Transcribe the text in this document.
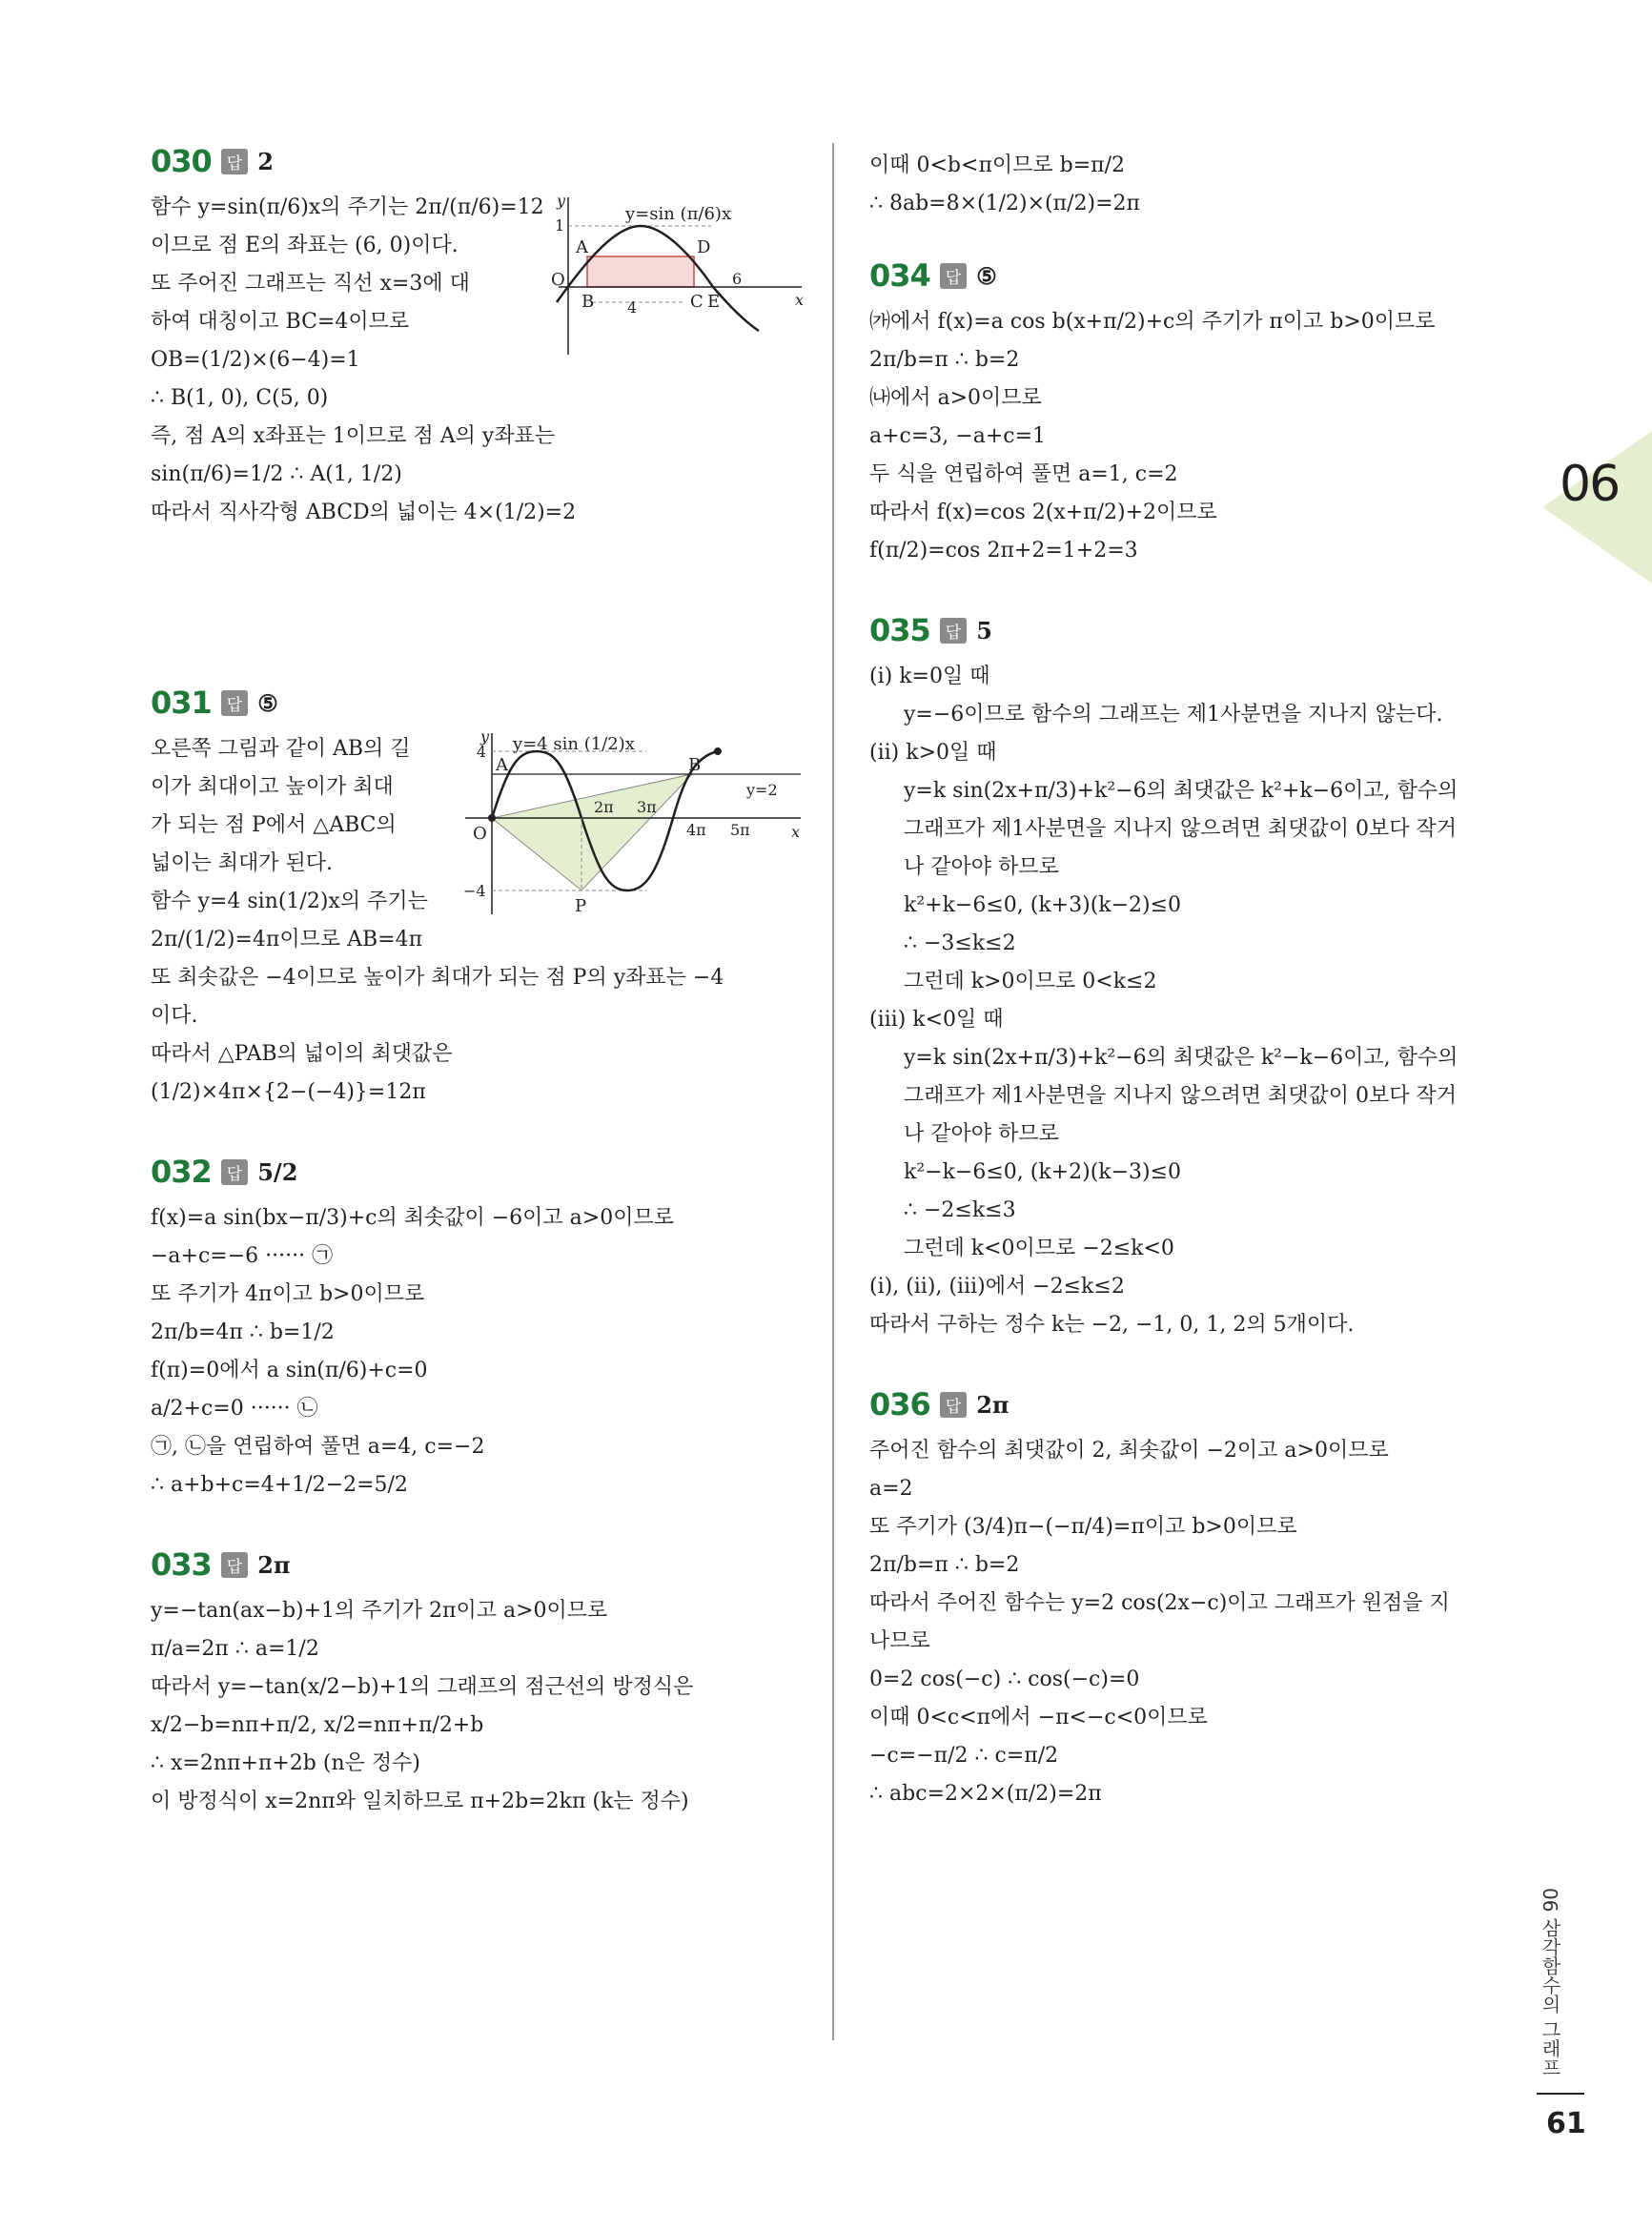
030 답 2
함수 y=sin(π/6)x의 주기는 2π/(π/6)=12
이므로 점 E의 좌표는 (6, 0)이다.
또 주어진 그래프는 직선 x=3에 대
하여 대칭이고 BC=4이므로
OB=(1/2)×(6−4)=1
∴ B(1, 0), C(5, 0)
즉, 점 A의 x좌표는 1이므로 점 A의 y좌표는
sin(π/6)=1/2 ∴ A(1, 1/2)
따라서 직사각형 ABCD의 넓이는 4×(1/2)=2
4
y=sin (π/6)x
y
x
O
1
6
A	D
B	C E
031 답 ⑤
오른쪽 그림과 같이 AB의 길
이가 최대이고 높이가 최대
가 되는 점 P에서 △ABC의
넓이는 최대가 된다.
함수 y=4 sin(1/2)x의 주기는
2π/(1/2)=4π이므로 AB=4π
또 최솟값은 −4이므로 높이가 최대가 되는 점 P의 y좌표는 −4
이다.
따라서 △PAB의 넓이의 최댓값은
(1/2)×4π×{2−(−4)}=12π
y=4 sin (1/2)x
y
x
O
4
−4
y=2
2π 3π
4π 5π
A	B
P
032 답 5/2
f(x)=a sin(bx−π/3)+c의 최솟값이 −6이고 a>0이므로
−a+c=−6 ······ ㉠
또 주기가 4π이고 b>0이므로
2π/b=4π ∴ b=1/2
f(π)=0에서 a sin(π/6)+c=0
a/2+c=0 ······ ㉡
㉠, ㉡을 연립하여 풀면 a=4, c=−2
∴ a+b+c=4+1/2−2=5/2
033 답 2π
y=−tan(ax−b)+1의 주기가 2π이고 a>0이므로
π/a=2π ∴ a=1/2
따라서 y=−tan(x/2−b)+1의 그래프의 점근선의 방정식은
x/2−b=nπ+π/2, x/2=nπ+π/2+b
∴ x=2nπ+π+2b (n은 정수)
이 방정식이 x=2nπ와 일치하므로 π+2b=2kπ (k는 정수)
이때 0<b<π이므로 b=π/2
∴ 8ab=8×(1/2)×(π/2)=2π
034 답 ⑤
㈎에서 f(x)=a cos b(x+π/2)+c의 주기가 π이고 b>0이므로
2π/b=π ∴ b=2
㈏에서 a>0이므로
a+c=3, −a+c=1
두 식을 연립하여 풀면 a=1, c=2
따라서 f(x)=cos 2(x+π/2)+2이므로
f(π/2)=cos 2π+2=1+2=3
035 답 5
(ⅰ) k=0일 때
y=−6이므로 함수의 그래프는 제1사분면을 지나지 않는다.
(ⅱ) k>0일 때
y=k sin(2x+π/3)+k²−6의 최댓값은 k²+k−6이고, 함수의
그래프가 제1사분면을 지나지 않으려면 최댓값이 0보다 작거
나 같아야 하므로
k²+k−6≤0, (k+3)(k−2)≤0
∴ −3≤k≤2
그런데 k>0이므로 0<k≤2
(ⅲ) k<0일 때
y=k sin(2x+π/3)+k²−6의 최댓값은 k²−k−6이고, 함수의
그래프가 제1사분면을 지나지 않으려면 최댓값이 0보다 작거
나 같아야 하므로
k²−k−6≤0, (k+2)(k−3)≤0
∴ −2≤k≤3
그런데 k<0이므로 −2≤k<0
(ⅰ), (ⅱ), (ⅲ)에서 −2≤k≤2
따라서 구하는 정수 k는 −2, −1, 0, 1, 2의 5개이다.
036 답 2π
주어진 함수의 최댓값이 2, 최솟값이 −2이고 a>0이므로
a=2
또 주기가 (3/4)π−(−π/4)=π이고 b>0이므로
2π/b=π ∴ b=2
따라서 주어진 함수는 y=2 cos(2x−c)이고 그래프가 원점을 지
나므로
0=2 cos(−c) ∴ cos(−c)=0
이때 0<c<π에서 −π<−c<0이므로
−c=−π/2 ∴ c=π/2
∴ abc=2×2×(π/2)=2π
06
06 삼각함수의 그래프
61
